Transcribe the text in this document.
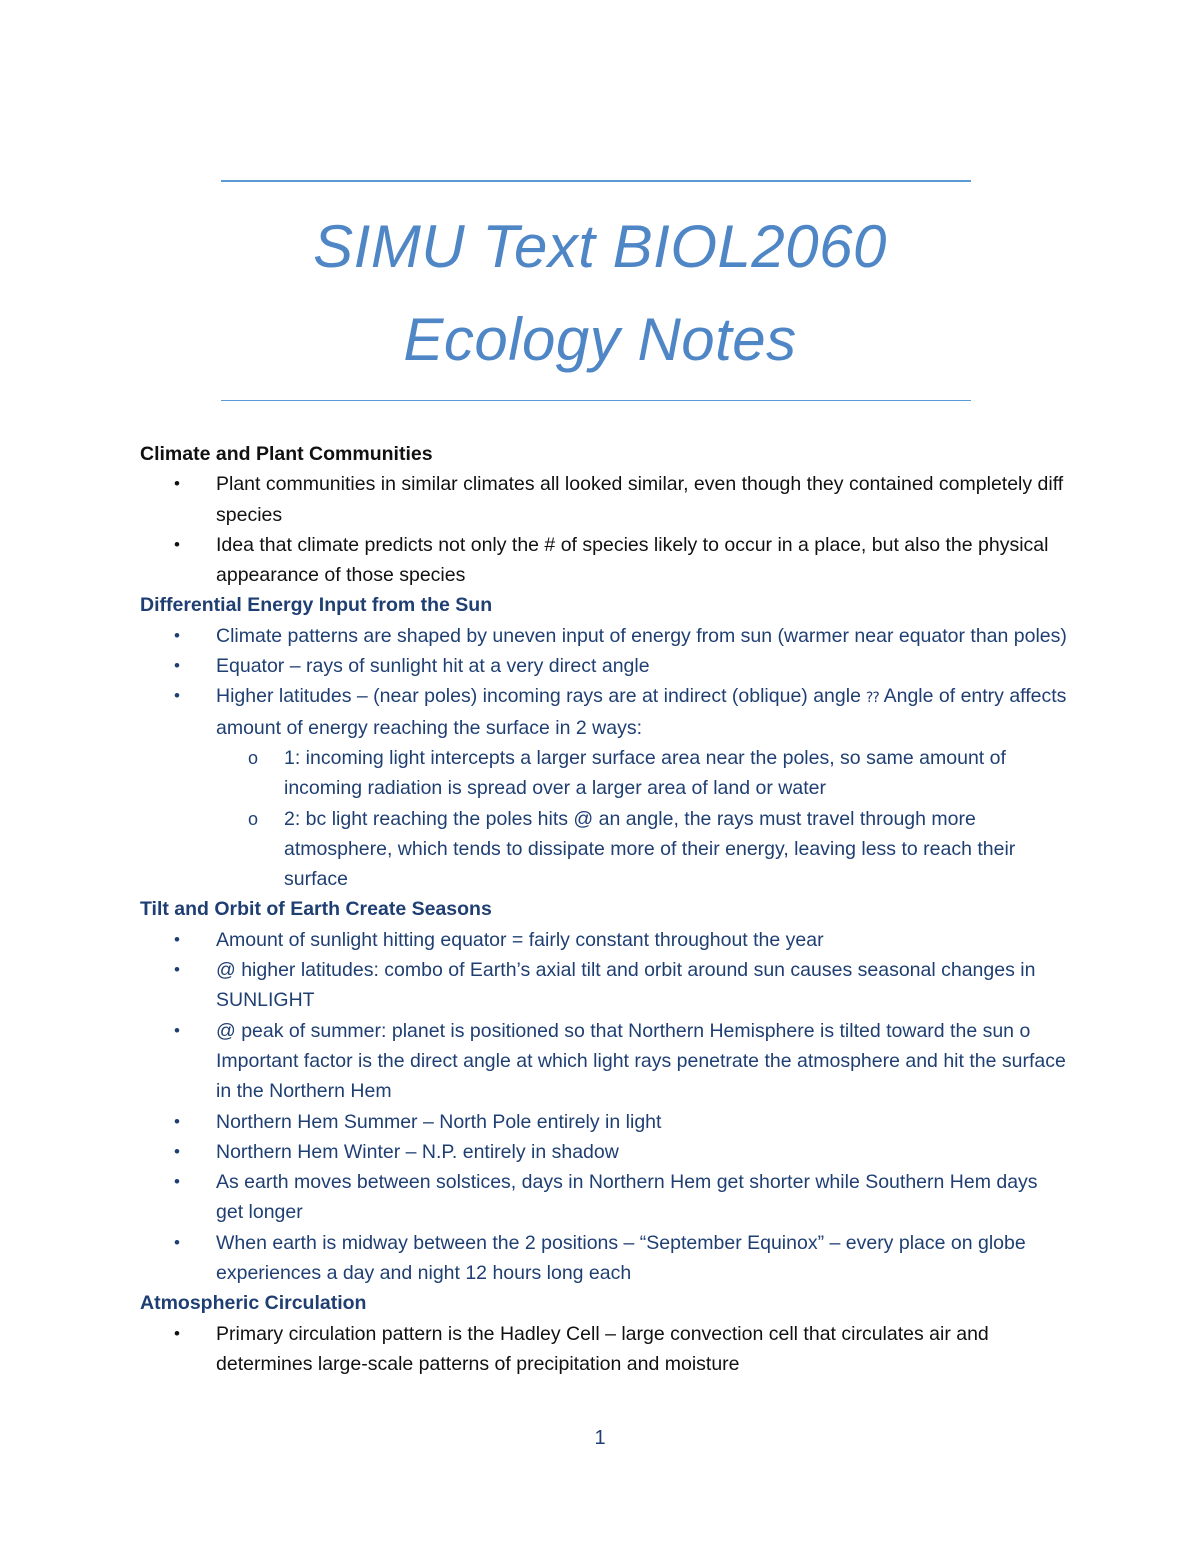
SIMU Text BIOL2060
Ecology Notes

Climate and Plant Communities

• Plant communities in similar climates all looked similar, even though they contained completely diff species
• Idea that climate predicts not only the # of species likely to occur in a place, but also the physical appearance of those species

Differential Energy Input from the Sun

• Climate patterns are shaped by uneven input of energy from sun (warmer near equator than poles)
• Equator – rays of sunlight hit at a very direct angle
• Higher latitudes – (near poles) incoming rays are at indirect (oblique) angle ⁇ Angle of entry affects amount of energy reaching the surface in 2 ways:
o 1: incoming light intercepts a larger surface area near the poles, so same amount of incoming radiation is spread over a larger area of land or water
o 2: bc light reaching the poles hits @ an angle, the rays must travel through more atmosphere, which tends to dissipate more of their energy, leaving less to reach their surface

Tilt and Orbit of Earth Create Seasons

• Amount of sunlight hitting equator = fairly constant throughout the year
• @ higher latitudes: combo of Earth’s axial tilt and orbit around sun causes seasonal changes in SUNLIGHT
• @ peak of summer: planet is positioned so that Northern Hemisphere is tilted toward the sun o  Important factor is the direct angle at which light rays penetrate the atmosphere and hit the surface in the Northern Hem
• Northern Hem Summer – North Pole entirely in light
• Northern Hem Winter – N.P. entirely in shadow
• As earth moves between solstices, days in Northern Hem get shorter while Southern Hem days get longer
• When earth is midway between the 2 positions – “September Equinox” – every place on globe experiences a day and night 12 hours long each

Atmospheric Circulation

• Primary circulation pattern is the Hadley Cell – large convection cell that circulates air and determines large-scale patterns of precipitation and moisture
1
